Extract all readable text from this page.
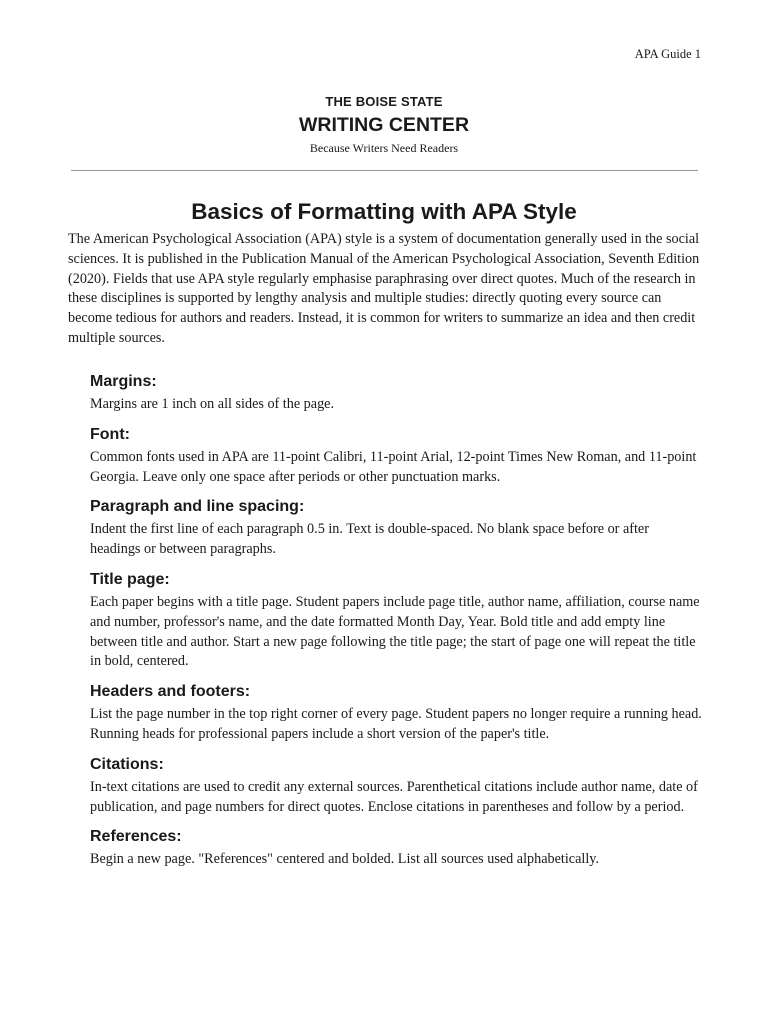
APA Guide 1
THE BOISE STATE
WRITING CENTER
Because Writers Need Readers
Basics of Formatting with APA Style

The American Psychological Association (APA) style is a system of documentation generally used in the social sciences. It is published in the Publication Manual of the American Psychological Association, Seventh Edition (2020). Fields that use APA style regularly emphasise paraphrasing over direct quotes. Much of the research in these disciplines is supported by lengthy analysis and multiple studies: directly quoting every source can become tedious for authors and readers. Instead, it is common for writers to summarize an idea and then credit multiple sources.

Margins:

Margins are 1 inch on all sides of the page.

Font:

Common fonts used in APA are 11-point Calibri, 11-point Arial, 12-point Times New Roman, and 11-point Georgia. Leave only one space after periods or other punctuation marks.

Paragraph and line spacing:

Indent the first line of each paragraph 0.5 in. Text is double-spaced. No blank space before or after headings or between paragraphs.

Title page:

Each paper begins with a title page. Student papers include page title, author name, affiliation, course name and number, professor's name, and the date formatted Month Day, Year. Bold title and add empty line between title and author. Start a new page following the title page; the start of page one will repeat the title in bold, centered.

Headers and footers:

List the page number in the top right corner of every page. Student papers no longer require a running head. Running heads for professional papers include a short version of the paper's title.

Citations:

In-text citations are used to credit any external sources. Parenthetical citations include author name, date of publication, and page numbers for direct quotes. Enclose citations in parentheses and follow by a period.

References:

Begin a new page. "References" centered and bolded. List all sources used alphabetically.
